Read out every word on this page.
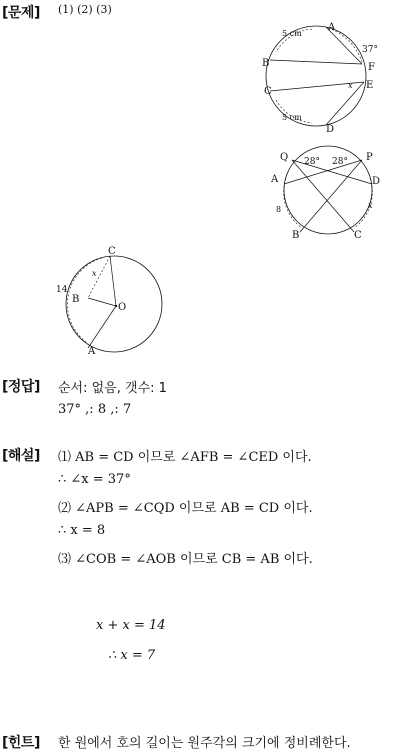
[문제] (1) (2) (3)
A
B
C
D
E
F
x
5 cm
5 cm
37°
Q	P
A	D
B	C
x
8
28° 28°
C
B
O
A
x
14
[정답] 순서: 없음, 갯수: 1
37° ,: 8 ,: 7
[해설] ⑴ AB = CD 이므로 ∠AFB = ∠CED 이다.
∴ ∠x = 37°
⑵ ∠APB = ∠CQD 이므로 AB = CD 이다.
∴ x = 8
⑶ ∠COB = ∠AOB 이므로 CB = AB 이다.
x + x = 14
∴ x = 7
[힌트] 한 원에서 호의 길이는 원주각의 크기에 정비례한다.
